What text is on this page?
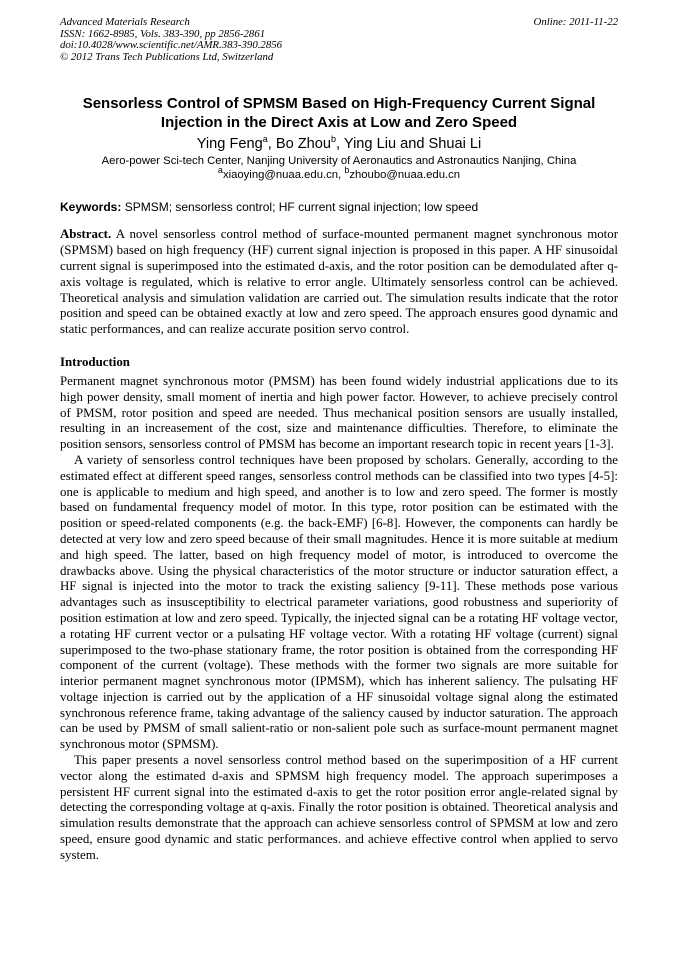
Advanced Materials Research
ISSN: 1662-8985, Vols. 383-390, pp 2856-2861
doi:10.4028/www.scientific.net/AMR.383-390.2856
© 2012 Trans Tech Publications Ltd, Switzerland
Online: 2011-11-22
Sensorless Control of SPMSM Based on High-Frequency Current Signal
Injection in the Direct Axis at Low and Zero Speed
Ying Feng$^a$, Bo Zhou$^b$, Ying Liu and Shuai Li
Aero-power Sci-tech Center, Nanjing University of Aeronautics and Astronautics Nanjing, China
$^a$xiaoying@nuaa.edu.cn, $^b$zhoubo@nuaa.edu.cn
Keywords: SPMSM; sensorless control; HF current signal injection; low speed

Abstract. A novel sensorless control method of surface-mounted permanent magnet synchronous motor (SPMSM) based on high frequency (HF) current signal injection is proposed in this paper. A HF sinusoidal current signal is superimposed into the estimated d-axis, and the rotor position can be demodulated after q-axis voltage is regulated, which is relative to error angle. Ultimately sensorless control can be achieved. Theoretical analysis and simulation validation are carried out. The simulation results indicate that the rotor position and speed can be obtained exactly at low and zero speed. The approach ensures good dynamic and static performances, and can realize accurate position servo control.

Introduction

Permanent magnet synchronous motor (PMSM) has been found widely industrial applications due to its high power density, small moment of inertia and high power factor. However, to achieve precisely control of PMSM, rotor position and speed are needed. Thus mechanical position sensors are usually installed, resulting in an increasement of the cost, size and maintenance difficulties. Therefore, to eliminate the position sensors, sensorless control of PMSM has become an important research topic in recent years [1-3].

A variety of sensorless control techniques have been proposed by scholars. Generally, according to the estimated effect at different speed ranges, sensorless control methods can be classified into two types [4-5]: one is applicable to medium and high speed, and another is to low and zero speed. The former is mostly based on fundamental frequency model of motor. In this type, rotor position can be estimated with the position or speed-related components (e.g. the back-EMF) [6-8]. However, the components can hardly be detected at very low and zero speed because of their small magnitudes. Hence it is more suitable at medium and high speed. The latter, based on high frequency model of motor, is introduced to overcome the drawbacks above. Using the physical characteristics of the motor structure or inductor saturation effect, a HF signal is injected into the motor to track the existing saliency [9-11]. These methods pose various advantages such as insusceptibility to electrical parameter variations, good robustness and superiority of position estimation at low and zero speed. Typically, the injected signal can be a rotating HF voltage vector, a rotating HF current vector or a pulsating HF voltage vector. With a rotating HF voltage (current) signal superimposed to the two-phase stationary frame, the rotor position is obtained from the corresponding HF component of the current (voltage). These methods with the former two signals are more suitable for interior permanent magnet synchronous motor (IPMSM), which has inherent saliency. The pulsating HF voltage injection is carried out by the application of a HF sinusoidal voltage signal along the estimated synchronous reference frame, taking advantage of the saliency caused by inductor saturation. The approach can be used by PMSM of small salient-ratio or non-salient pole such as surface-mount permanent magnet synchronous motor (SPMSM).

This paper presents a novel sensorless control method based on the superimposition of a HF current vector along the estimated d-axis and SPMSM high frequency model. The approach superimposes a persistent HF current signal into the estimated d-axis to get the rotor position error angle-related signal by detecting the corresponding voltage at q-axis. Finally the rotor position is obtained. Theoretical analysis and simulation results demonstrate that the approach can achieve sensorless control of SPMSM at low and zero speed, ensure good dynamic and static performances. and achieve effective control when applied to servo system.
